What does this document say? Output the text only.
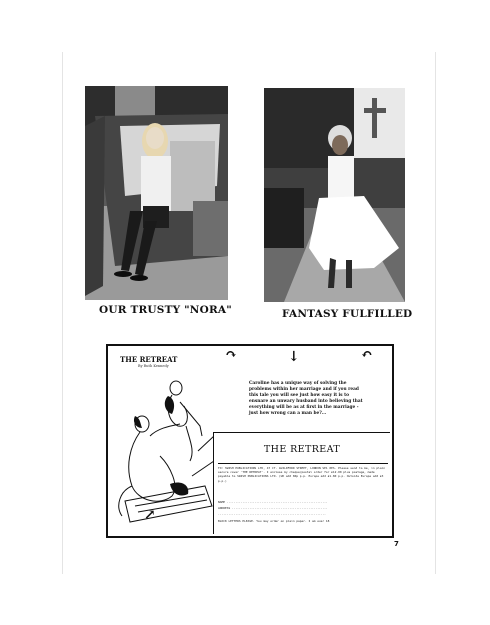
OUR TRUSTY "NORA"	FANTASY FULFILLED
THE RETREAT
By Ruth Kennedy
↷	↓	↶
↗
Caroline has a unique way of solving the problems within her marriage and if you read this tale you will see just how easy it is to ensnare an unwary husband into believing that everything will be as at first in the marriage - just how wrong can a man be?...
THE RETREAT
TO: SWISH PUBLICATIONS LTD, 47 CT. GUILDFORD STREET, LONDON SE1 0ES. Please send to me, in plain secure cover 'THE RETREAT'. I enclose my cheque/postal order for £12.00 plus postage, made payable to SWISH PUBLICATIONS LTD. (UK add 80p p.p. Europe add £1.80 p.p. Outside Europe add £3 p.p.)
NAME ..........................................................
ADDRESS .......................................................
..............................................................
BLOCK LETTERS PLEASE. You may order on plain paper. I am over 18
7
